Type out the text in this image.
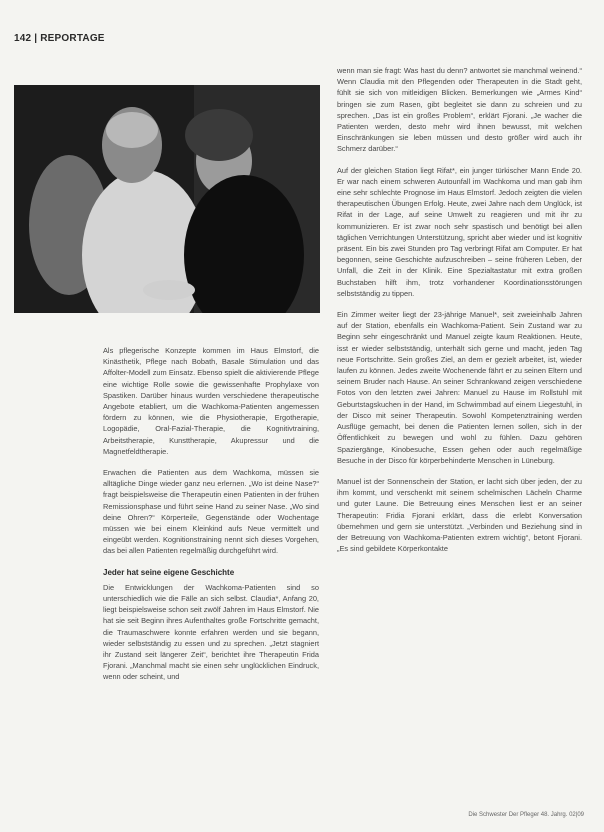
142 | REPORTAGE

Als pflegerische Konzepte kommen im Haus Elmstorf, die Kinästhetik, Pflege nach Bobath, Basale Stimulation und das Affolter-Modell zum Einsatz. Ebenso spielt die aktivierende Pflege eine wichtige Rolle sowie die gewissenhafte Prophylaxe von Spastiken. Darüber hinaus wurden verschiedene therapeutische Angebote etabliert, um die Wachkoma-Patienten angemessen fördern zu können, wie die Physiotherapie, Ergotherapie, Logopädie, Oral-Fazial-Therapie, die Kognitivtraining, Arbeitstherapie, Kunsttherapie, Akupressur und die Magnetfeldtherapie.

Erwachen die Patienten aus dem Wachkoma, müssen sie alltägliche Dinge wieder ganz neu erlernen. „Wo ist deine Nase?“ fragt beispielsweise die Therapeutin einen Patienten in der frühen Remissionsphase und führt seine Hand zu seiner Nase. „Wo sind deine Ohren?“ Körperteile, Gegenstände oder Wochentage müssen wie bei einem Kleinkind aufs Neue vermittelt und eingeübt werden. Kognitionstraining nennt sich dieses Vorgehen, das bei allen Patienten regelmäßig durchgeführt wird.

Jeder hat seine eigene Geschichte

Die Entwicklungen der Wachkoma-Patienten sind so unterschiedlich wie die Fälle an sich selbst. Claudia*, Anfang 20, liegt beispielsweise schon seit zwölf Jahren im Haus Elmstorf. Nie hat sie seit Beginn ihres Aufenthaltes große Fortschritte gemacht, die Traumaschwere konnte erfahren werden und sie begann, wieder selbstständig zu essen und zu sprechen. „Jetzt stagniert ihr Zustand seit längerer Zeit“, berichtet ihre Therapeutin Frida Fjorani. „Manchmal macht sie einen sehr unglücklichen Eindruck, wenn oder scheint, und

wenn man sie fragt: Was hast du denn? antwortet sie manchmal weinend.“ Wenn Claudia mit den Pflegenden oder Therapeuten in die Stadt geht, fühlt sie sich von mitleidigen Blicken. Bemerkungen wie „Armes Kind“ bringen sie zum Rasen, gibt begleitet sie dann zu schreien und zu sprechen. „Das ist ein großes Problem“, erklärt Fjorani. „Je wacher die Patienten werden, desto mehr wird ihnen bewusst, mit welchen Einschränkungen sie leben müssen und desto größer wird auch ihr Schmerz darüber.“

Auf der gleichen Station liegt Rifat*, ein junger türkischer Mann Ende 20. Er war nach einem schweren Autounfall im Wachkoma und man gab ihm eine sehr schlechte Prognose im Haus Elmstorf. Jedoch zeigten die vielen therapeutischen Übungen Erfolg. Heute, zwei Jahre nach dem Unglück, ist Rifat in der Lage, auf seine Umwelt zu reagieren und mit ihr zu kommunizieren. Er ist zwar noch sehr spastisch und benötigt bei allen täglichen Verrichtungen Unterstützung, spricht aber wieder und ist kognitiv präsent. Ein bis zwei Stunden pro Tag verbringt Rifat am Computer. Er hat begonnen, seine Geschichte aufzuschreiben – seine früheren Leben, der Unfall, die Zeit in der Klinik. Eine Spezialtastatur mit extra großen Buchstaben hilft ihm, trotz vorhandener Koordinationsstörungen selbstständig zu tippen.

Ein Zimmer weiter liegt der 23-jährige Manuel*, seit zweieinhalb Jahren auf der Station, ebenfalls ein Wachkoma-Patient. Sein Zustand war zu Beginn sehr eingeschränkt und Manuel zeigte kaum Reaktionen. Heute, isst er wieder selbstständig, unterhält sich gerne und macht, jeden Tag neue Fortschritte. Sein großes Ziel, an dem er gezielt arbeitet, ist, wieder laufen zu können. Jedes zweite Wochenende fährt er zu seinen Eltern und seinem Bruder nach Hause. An seiner Schrankwand zeigen verschiedene Fotos von den letzten zwei Jahren: Manuel zu Hause im Rollstuhl mit Geburtstagskuchen in der Hand, im Schwimmbad auf einem Liegestuhl, in der Disco mit seiner Therapeutin. Sowohl Kompetenztraining werden Ausflüge gemacht, bei denen die Patienten lernen sollen, sich in der Öffentlichkeit zu bewegen und wohl zu fühlen. Dazu gehören Spaziergänge, Kinobesuche, Essen gehen oder auch regelmäßige Besuche in der Disco für körperbehinderte Menschen in Lüneburg.

Manuel ist der Sonnenschein der Station, er lacht sich über jeden, der zu ihm kommt, und verschenkt mit seinem schelmischen Lächeln Charme und guter Laune. Die Betreuung eines Menschen liest er an seiner Therapeutin: Fridia Fjorani erklärt, dass die erlebt Konversation übernehmen und gern sie unterstützt. „Verbinden und Beziehung sind in der Betreuung von Wachkoma-Patienten extrem wichtig“, betont Fjorani. „Es sind gebildete Körperkontakte

Die Schwester Der Pfleger 48. Jahrg. 02|09
